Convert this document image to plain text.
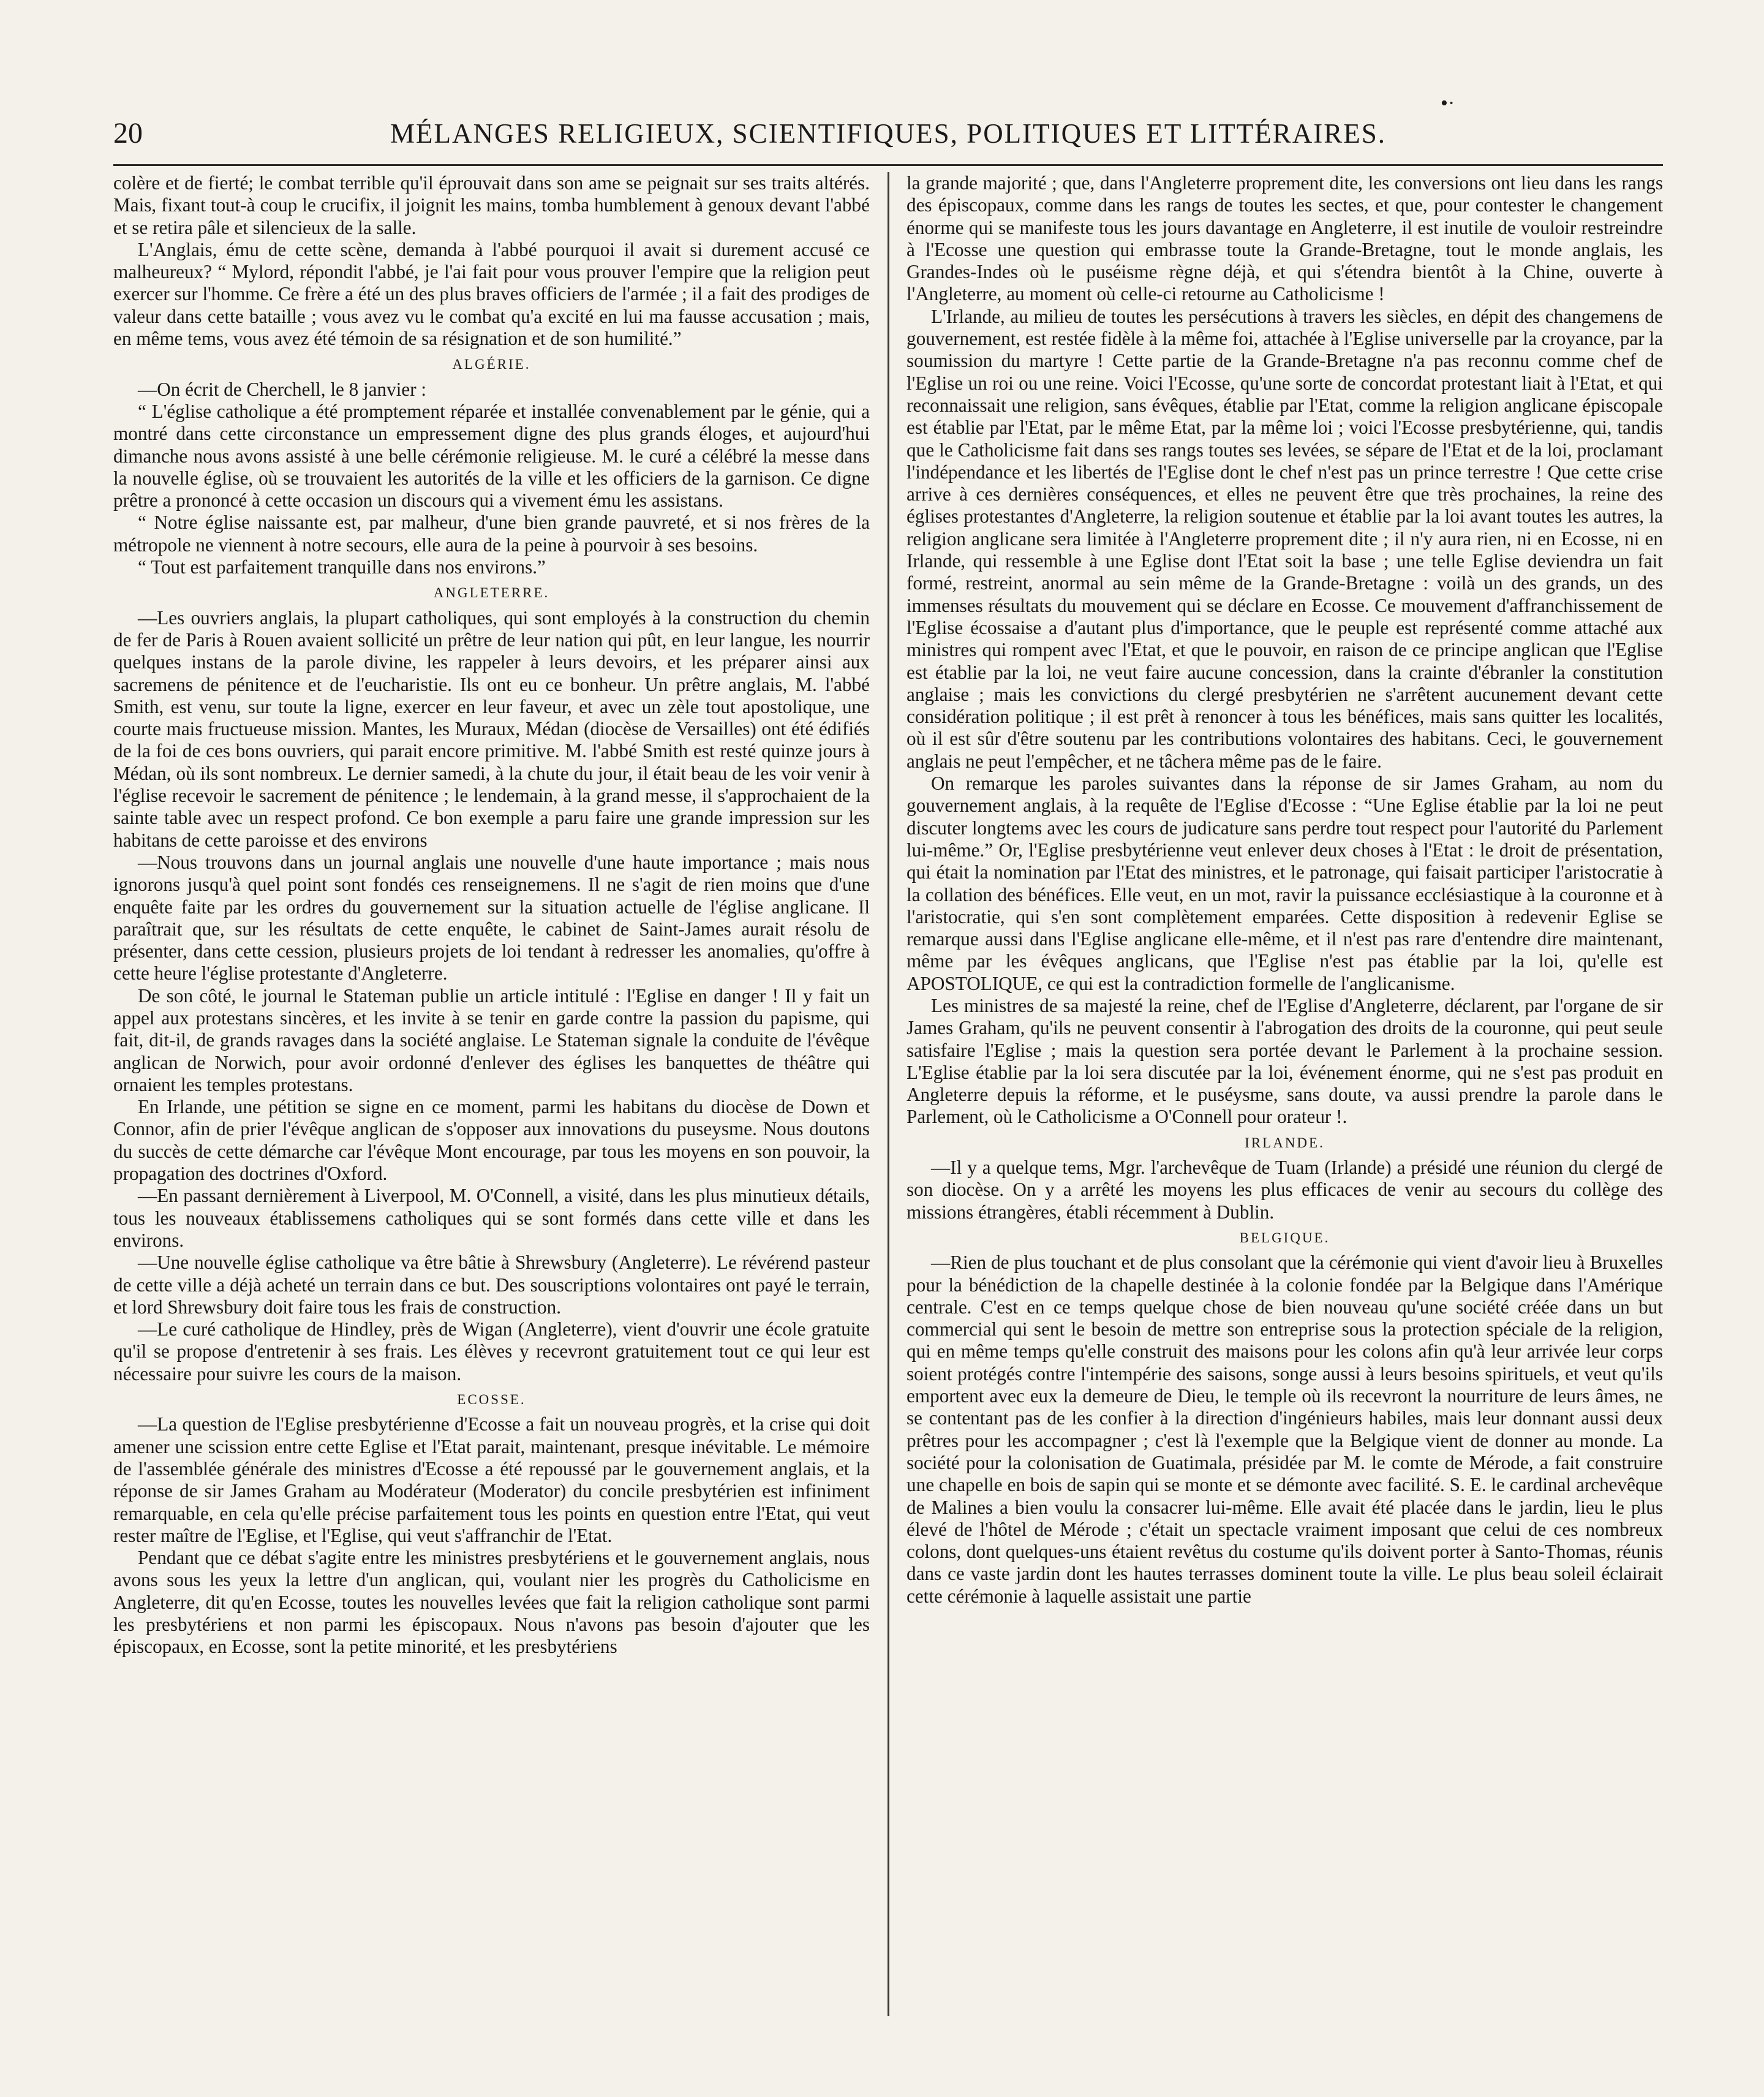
•·
20	MÉLANGES RELIGIEUX, SCIENTIFIQUES, POLITIQUES ET LITTÉRAIRES.

colère et de fierté; le combat terrible qu'il éprouvait dans son ame se peignait sur ses traits altérés. Mais, fixant tout-à coup le crucifix, il joignit les mains, tomba humblement à genoux devant l'abbé et se retira pâle et silencieux de la salle.

L'Anglais, ému de cette scène, demanda à l'abbé pourquoi il avait si durement accusé ce malheureux? “ Mylord, répondit l'abbé, je l'ai fait pour vous prouver l'empire que la religion peut exercer sur l'homme. Ce frère a été un des plus braves officiers de l'armée ; il a fait des prodiges de valeur dans cette bataille ; vous avez vu le combat qu'a excité en lui ma fausse accusation ; mais, en même tems, vous avez été témoin de sa résignation et de son humilité.”

ALGÉRIE.

—On écrit de Cherchell, le 8 janvier :

“ L'église catholique a été promptement réparée et installée convenablement par le génie, qui a montré dans cette circonstance un empressement digne des plus grands éloges, et aujourd'hui dimanche nous avons assisté à une belle cérémonie religieuse. M. le curé a célébré la messe dans la nouvelle église, où se trouvaient les autorités de la ville et les officiers de la garnison. Ce digne prêtre a prononcé à cette occasion un discours qui a vivement ému les assistans.

“ Notre église naissante est, par malheur, d'une bien grande pauvreté, et si nos frères de la métropole ne viennent à notre secours, elle aura de la peine à pourvoir à ses besoins.

“ Tout est parfaitement tranquille dans nos environs.”

ANGLETERRE.

—Les ouvriers anglais, la plupart catholiques, qui sont employés à la construction du chemin de fer de Paris à Rouen avaient sollicité un prêtre de leur nation qui pût, en leur langue, les nourrir quelques instans de la parole divine, les rappeler à leurs devoirs, et les préparer ainsi aux sacremens de pénitence et de l'eucharistie. Ils ont eu ce bonheur. Un prêtre anglais, M. l'abbé Smith, est venu, sur toute la ligne, exercer en leur faveur, et avec un zèle tout apostolique, une courte mais fructueuse mission. Mantes, les Muraux, Médan (diocèse de Versailles) ont été édifiés de la foi de ces bons ouvriers, qui parait encore primitive. M. l'abbé Smith est resté quinze jours à Médan, où ils sont nombreux. Le dernier samedi, à la chute du jour, il était beau de les voir venir à l'église recevoir le sacrement de pénitence ; le lendemain, à la grand messe, il s'approchaient de la sainte table avec un respect profond. Ce bon exemple a paru faire une grande impression sur les habitans de cette paroisse et des environs

—Nous trouvons dans un journal anglais une nouvelle d'une haute importance ; mais nous ignorons jusqu'à quel point sont fondés ces renseignemens. Il ne s'agit de rien moins que d'une enquête faite par les ordres du gouvernement sur la situation actuelle de l'église anglicane. Il paraîtrait que, sur les résultats de cette enquête, le cabinet de Saint-James aurait résolu de présenter, dans cette cession, plusieurs projets de loi tendant à redresser les anomalies, qu'offre à cette heure l'église protestante d'Angleterre.

De son côté, le journal le Stateman publie un article intitulé : l'Eglise en danger ! Il y fait un appel aux protestans sincères, et les invite à se tenir en garde contre la passion du papisme, qui fait, dit-il, de grands ravages dans la société anglaise. Le Stateman signale la conduite de l'évêque anglican de Norwich, pour avoir ordonné d'enlever des églises les banquettes de théâtre qui ornaient les temples protestans.

En Irlande, une pétition se signe en ce moment, parmi les habitans du diocèse de Down et Connor, afin de prier l'évêque anglican de s'opposer aux innovations du puseysme. Nous doutons du succès de cette démarche car l'évêque Mont encourage, par tous les moyens en son pouvoir, la propagation des doctrines d'Oxford.

—En passant dernièrement à Liverpool, M. O'Connell, a visité, dans les plus minutieux détails, tous les nouveaux établissemens catholiques qui se sont formés dans cette ville et dans les environs.

—Une nouvelle église catholique va être bâtie à Shrewsbury (Angleterre). Le révérend pasteur de cette ville a déjà acheté un terrain dans ce but. Des souscriptions volontaires ont payé le terrain, et lord Shrewsbury doit faire tous les frais de construction.

—Le curé catholique de Hindley, près de Wigan (Angleterre), vient d'ouvrir une école gratuite qu'il se propose d'entretenir à ses frais. Les élèves y recevront gratuitement tout ce qui leur est nécessaire pour suivre les cours de la maison.

ECOSSE.

—La question de l'Eglise presbytérienne d'Ecosse a fait un nouveau progrès, et la crise qui doit amener une scission entre cette Eglise et l'Etat parait, maintenant, presque inévitable. Le mémoire de l'assemblée générale des ministres d'Ecosse a été repoussé par le gouvernement anglais, et la réponse de sir James Graham au Modérateur (Moderator) du concile presbytérien est infiniment remarquable, en cela qu'elle précise parfaitement tous les points en question entre l'Etat, qui veut rester maître de l'Eglise, et l'Eglise, qui veut s'affranchir de l'Etat.

Pendant que ce débat s'agite entre les ministres presbytériens et le gouvernement anglais, nous avons sous les yeux la lettre d'un anglican, qui, voulant nier les progrès du Catholicisme en Angleterre, dit qu'en Ecosse, toutes les nouvelles levées que fait la religion catholique sont parmi les presbytériens et non parmi les épiscopaux. Nous n'avons pas besoin d'ajouter que les épiscopaux, en Ecosse, sont la petite minorité, et les presbytériens

la grande majorité ; que, dans l'Angleterre proprement dite, les conversions ont lieu dans les rangs des épiscopaux, comme dans les rangs de toutes les sectes, et que, pour contester le changement énorme qui se manifeste tous les jours davantage en Angleterre, il est inutile de vouloir restreindre à l'Ecosse une question qui embrasse toute la Grande-Bretagne, tout le monde anglais, les Grandes-Indes où le puséisme règne déjà, et qui s'étendra bientôt à la Chine, ouverte à l'Angleterre, au moment où celle-ci retourne au Catholicisme !

L'Irlande, au milieu de toutes les persécutions à travers les siècles, en dépit des changemens de gouvernement, est restée fidèle à la même foi, attachée à l'Eglise universelle par la croyance, par la soumission du martyre ! Cette partie de la Grande-Bretagne n'a pas reconnu comme chef de l'Eglise un roi ou une reine. Voici l'Ecosse, qu'une sorte de concordat protestant liait à l'Etat, et qui reconnaissait une religion, sans évêques, établie par l'Etat, comme la religion anglicane épiscopale est établie par l'Etat, par le même Etat, par la même loi ; voici l'Ecosse presbytérienne, qui, tandis que le Catholicisme fait dans ses rangs toutes ses levées, se sépare de l'Etat et de la loi, proclamant l'indépendance et les libertés de l'Eglise dont le chef n'est pas un prince terrestre ! Que cette crise arrive à ces dernières conséquences, et elles ne peuvent être que très prochaines, la reine des églises protestantes d'Angleterre, la religion soutenue et établie par la loi avant toutes les autres, la religion anglicane sera limitée à l'Angleterre proprement dite ; il n'y aura rien, ni en Ecosse, ni en Irlande, qui ressemble à une Eglise dont l'Etat soit la base ; une telle Eglise deviendra un fait formé, restreint, anormal au sein même de la Grande-Bretagne : voilà un des grands, un des immenses résultats du mouvement qui se déclare en Ecosse. Ce mouvement d'affranchissement de l'Eglise écossaise a d'autant plus d'importance, que le peuple est représenté comme attaché aux ministres qui rompent avec l'Etat, et que le pouvoir, en raison de ce principe anglican que l'Eglise est établie par la loi, ne veut faire aucune concession, dans la crainte d'ébranler la constitution anglaise ; mais les convictions du clergé presbytérien ne s'arrêtent aucunement devant cette considération politique ; il est prêt à renoncer à tous les bénéfices, mais sans quitter les localités, où il est sûr d'être soutenu par les contributions volontaires des habitans. Ceci, le gouvernement anglais ne peut l'empêcher, et ne tâchera même pas de le faire.

On remarque les paroles suivantes dans la réponse de sir James Graham, au nom du gouvernement anglais, à la requête de l'Eglise d'Ecosse : “Une Eglise établie par la loi ne peut discuter longtems avec les cours de judicature sans perdre tout respect pour l'autorité du Parlement lui-même.” Or, l'Eglise presbytérienne veut enlever deux choses à l'Etat : le droit de présentation, qui était la nomination par l'Etat des ministres, et le patronage, qui faisait participer l'aristocratie à la collation des bénéfices. Elle veut, en un mot, ravir la puissance ecclésiastique à la couronne et à l'aristocratie, qui s'en sont complètement emparées. Cette disposition à redevenir Eglise se remarque aussi dans l'Eglise anglicane elle-même, et il n'est pas rare d'entendre dire maintenant, même par les évêques anglicans, que l'Eglise n'est pas établie par la loi, qu'elle est APOSTOLIQUE, ce qui est la contradiction formelle de l'anglicanisme.

Les ministres de sa majesté la reine, chef de l'Eglise d'Angleterre, déclarent, par l'organe de sir James Graham, qu'ils ne peuvent consentir à l'abrogation des droits de la couronne, qui peut seule satisfaire l'Eglise ; mais la question sera portée devant le Parlement à la prochaine session. L'Eglise établie par la loi sera discutée par la loi, événement énorme, qui ne s'est pas produit en Angleterre depuis la réforme, et le puséysme, sans doute, va aussi prendre la parole dans le Parlement, où le Catholicisme a O'Connell pour orateur !.

IRLANDE.

—Il y a quelque tems, Mgr. l'archevêque de Tuam (Irlande) a présidé une réunion du clergé de son diocèse. On y a arrêté les moyens les plus efficaces de venir au secours du collège des missions étrangères, établi récemment à Dublin.

BELGIQUE.

—Rien de plus touchant et de plus consolant que la cérémonie qui vient d'avoir lieu à Bruxelles pour la bénédiction de la chapelle destinée à la colonie fondée par la Belgique dans l'Amérique centrale. C'est en ce temps quelque chose de bien nouveau qu'une société créée dans un but commercial qui sent le besoin de mettre son entreprise sous la protection spéciale de la religion, qui en même temps qu'elle construit des maisons pour les colons afin qu'à leur arrivée leur corps soient protégés contre l'intempérie des saisons, songe aussi à leurs besoins spirituels, et veut qu'ils emportent avec eux la demeure de Dieu, le temple où ils recevront la nourriture de leurs âmes, ne se contentant pas de les confier à la direction d'ingénieurs habiles, mais leur donnant aussi deux prêtres pour les accompagner ; c'est là l'exemple que la Belgique vient de donner au monde. La société pour la colonisation de Guatimala, présidée par M. le comte de Mérode, a fait construire une chapelle en bois de sapin qui se monte et se démonte avec facilité. S. E. le cardinal archevêque de Malines a bien voulu la consacrer lui-même. Elle avait été placée dans le jardin, lieu le plus élevé de l'hôtel de Mérode ; c'était un spectacle vraiment imposant que celui de ces nombreux colons, dont quelques-uns étaient revêtus du costume qu'ils doivent porter à Santo-Thomas, réunis dans ce vaste jardin dont les hautes terrasses dominent toute la ville. Le plus beau soleil éclairait cette cérémonie à laquelle assistait une partie
